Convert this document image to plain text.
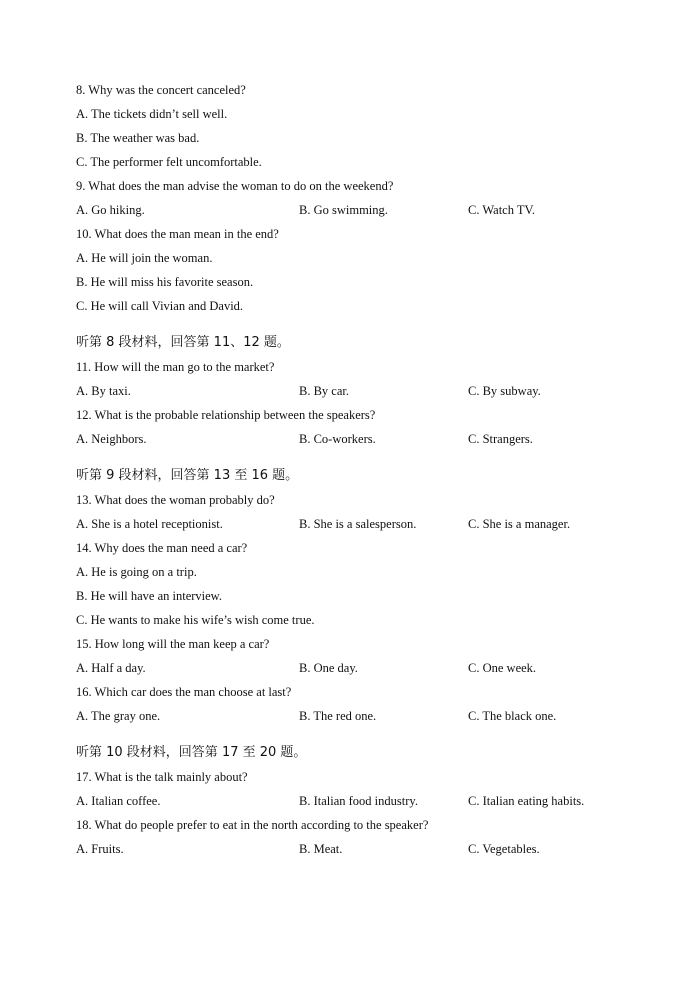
8. Why was the concert canceled?
A. The tickets didn’t sell well.
B. The weather was bad.
C. The performer felt uncomfortable.
9. What does the man advise the woman to do on the weekend?
A. Go hiking.	B. Go swimming.	C. Watch TV.
10. What does the man mean in the end?
A. He will join the woman.
B. He will miss his favorite season.
C. He will call Vivian and David.
听第 8 段材料，回答第 11、12 题。
11. How will the man go to the market?
A. By taxi.	B. By car.	C. By subway.
12. What is the probable relationship between the speakers?
A. Neighbors.	B. Co-workers.	C. Strangers.
听第 9 段材料，回答第 13 至 16 题。
13. What does the woman probably do?
A. She is a hotel receptionist.	B. She is a salesperson.	C. She is a manager.
14. Why does the man need a car?
A. He is going on a trip.
B. He will have an interview.
C. He wants to make his wife’s wish come true.
15. How long will the man keep a car?
A. Half a day.	B. One day.	C. One week.
16. Which car does the man choose at last?
A. The gray one.	B. The red one.	C. The black one.
听第 10 段材料，回答第 17 至 20 题。
17. What is the talk mainly about?
A. Italian coffee.	B. Italian food industry.	C. Italian eating habits.
18. What do people prefer to eat in the north according to the speaker?
A. Fruits.	B. Meat.	C. Vegetables.
